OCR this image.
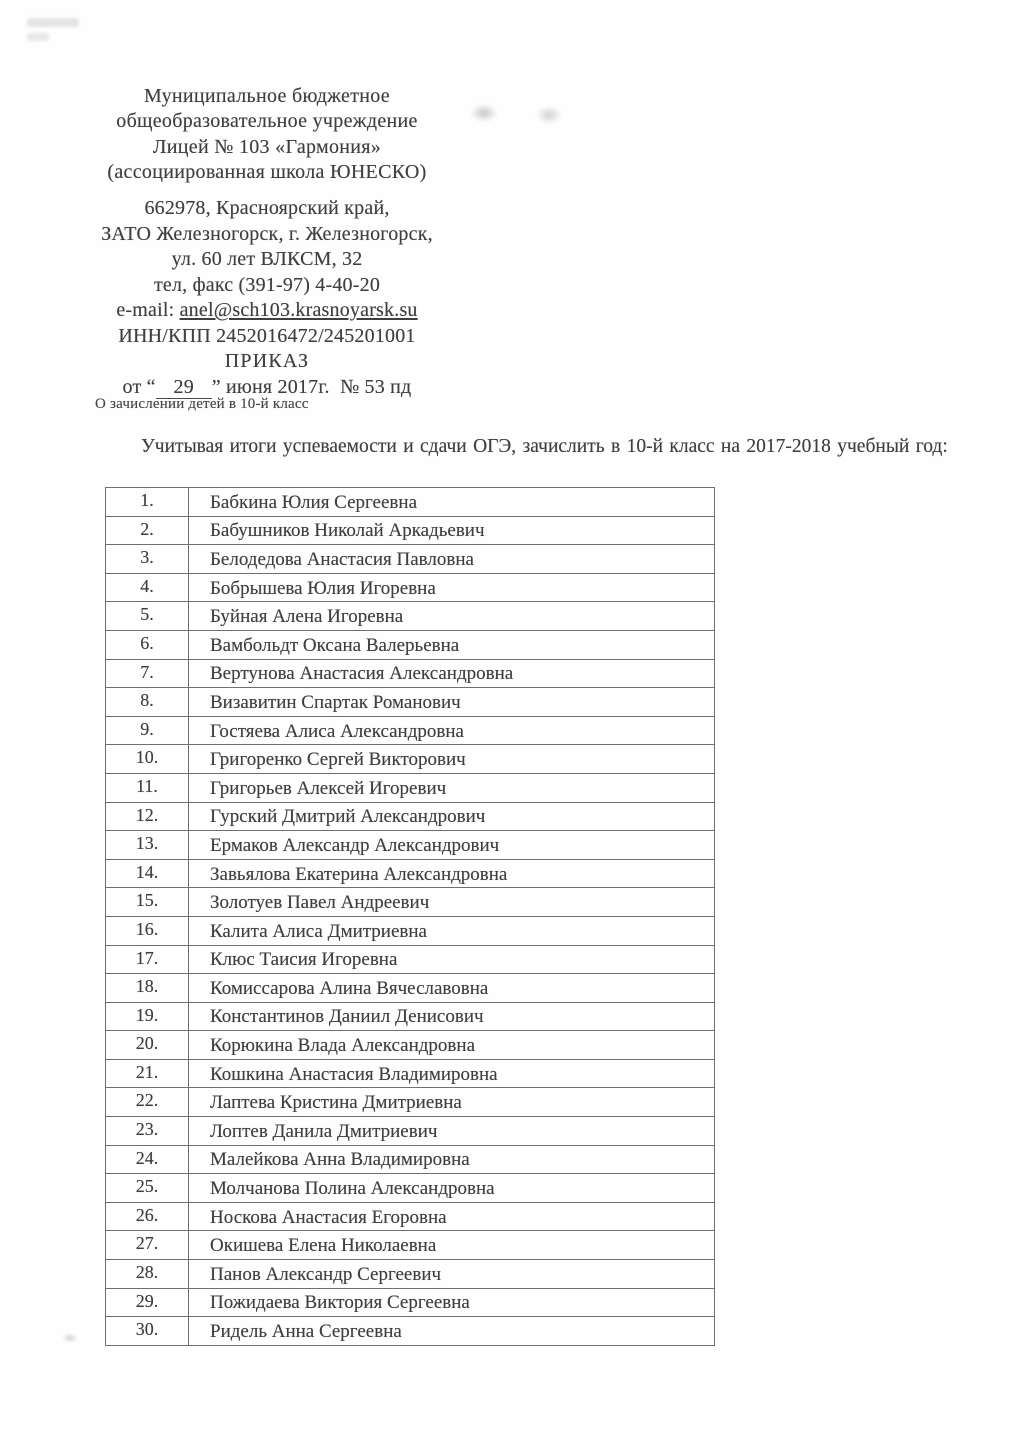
Муниципальное бюджетное
общеобразовательное учреждение
Лицей № 103 «Гармония»
(ассоциированная школа ЮНЕСКО)
662978, Красноярский край,
ЗАТО Железногорск, г. Железногорск,
ул. 60 лет ВЛКСМ, 32
тел, факс (391-97) 4-40-20
e-mail: anel@sch103.krasnoyarsk.su
ИНН/КПП 2452016472/245201001
ПРИКАЗ
от “ 29 ” июня 2017г.  № 53 пд
О зачислении детей в 10-й класс

Учитывая итоги успеваемости и сдачи ОГЭ, зачислить в 10-й класс на 2017-2018 учебный год:

1.	Бабкина Юлия Сергеевна
2.	Бабушников Николай Аркадьевич
3.	Белодедова Анастасия Павловна
4.	Бобрышева Юлия Игоревна
5.	Буйная Алена Игоревна
6.	Вамбольдт Оксана Валерьевна
7.	Вертунова Анастасия Александровна
8.	Визавитин Спартак Романович
9.	Гостяева Алиса Александровна
10.	Григоренко Сергей Викторович
11.	Григорьев Алексей Игоревич
12.	Гурский Дмитрий Александрович
13.	Ермаков Александр Александрович
14.	Завьялова Екатерина Александровна
15.	Золотуев Павел Андреевич
16.	Калита Алиса Дмитриевна
17.	Клюс Таисия Игоревна
18.	Комиссарова Алина Вячеславовна
19.	Константинов Даниил Денисович
20.	Корюкина Влада Александровна
21.	Кошкина Анастасия Владимировна
22.	Лаптева Кристина Дмитриевна
23.	Лоптев Данила Дмитриевич
24.	Малейкова Анна Владимировна
25.	Молчанова Полина Александровна
26.	Носкова Анастасия Егоровна
27.	Окишева Елена Николаевна
28.	Панов Александр Сергеевич
29.	Пожидаева Виктория Сергеевна
30.	Ридель Анна Сергеевна
